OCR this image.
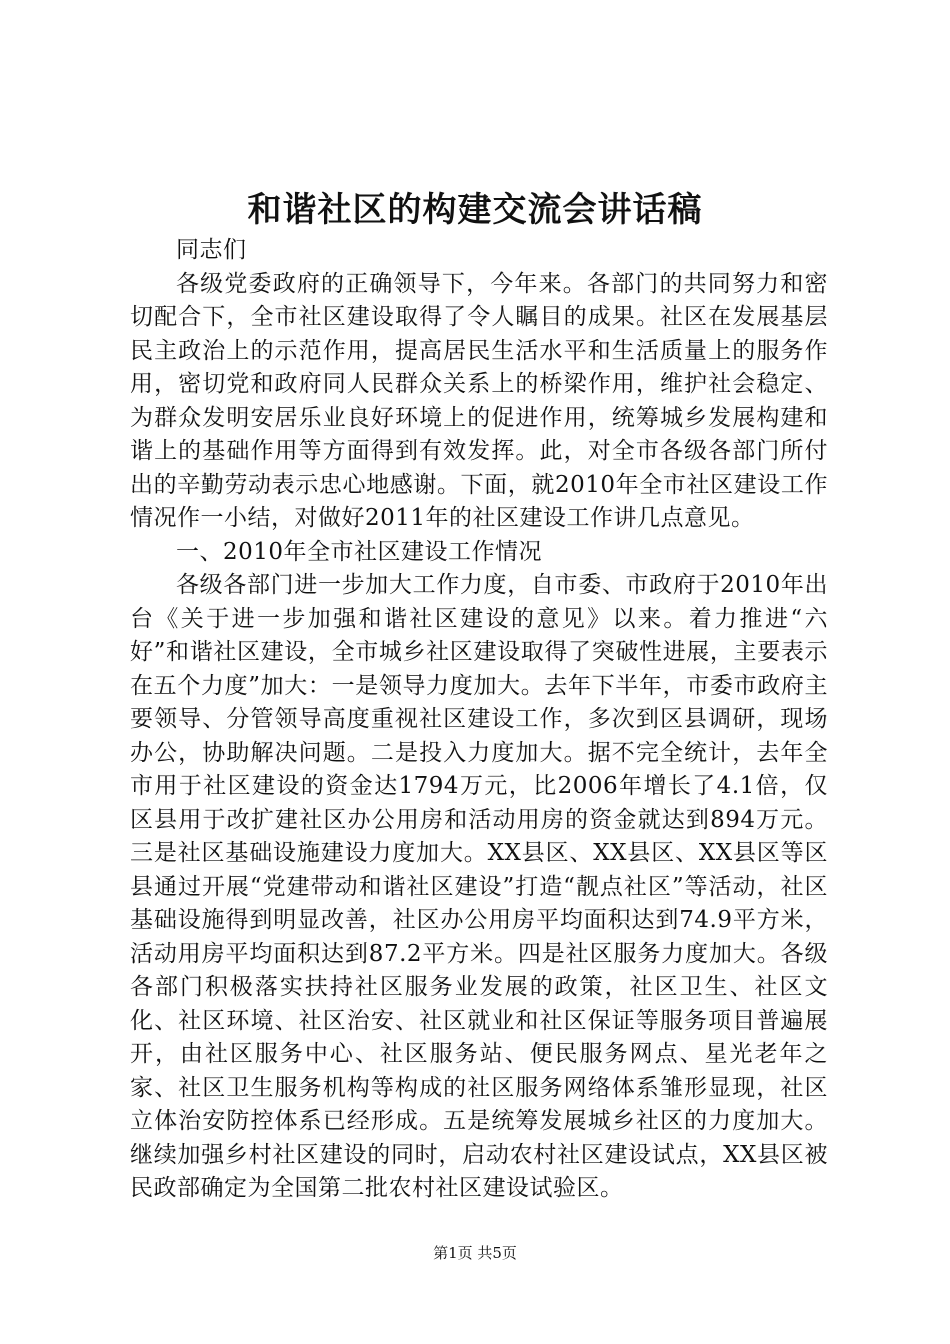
和谐社区的构建交流会讲话稿

同志们

各级党委政府的正确领导下，今年来。各部门的共同努力和密切配合下，全市社区建设取得了令人瞩目的成果。社区在发展基层民主政治上的示范作用，提高居民生活水平和生活质量上的服务作用，密切党和政府同人民群众关系上的桥梁作用，维护社会稳定、为群众发明安居乐业良好环境上的促进作用，统筹城乡发展构建和谐上的基础作用等方面得到有效发挥。此，对全市各级各部门所付出的辛勤劳动表示忠心地感谢。下面，就2010年全市社区建设工作情况作一小结，对做好2011年的社区建设工作讲几点意见。

一、2010年全市社区建设工作情况

各级各部门进一步加大工作力度，自市委、市政府于2010年出台《关于进一步加强和谐社区建设的意见》以来。着力推进“六好”和谐社区建设，全市城乡社区建设取得了突破性进展，主要表示在五个力度”加大：一是领导力度加大。去年下半年，市委市政府主要领导、分管领导高度重视社区建设工作，多次到区县调研，现场办公，协助解决问题。二是投入力度加大。据不完全统计，去年全市用于社区建设的资金达1794万元，比2006年增长了4.1倍，仅区县用于改扩建社区办公用房和活动用房的资金就达到894万元。三是社区基础设施建设力度加大。XX县区、XX县区、XX县区等区县通过开展“党建带动和谐社区建设”打造“靓点社区”等活动，社区基础设施得到明显改善，社区办公用房平均面积达到74.9平方米，活动用房平均面积达到87.2平方米。四是社区服务力度加大。各级各部门积极落实扶持社区服务业发展的政策，社区卫生、社区文化、社区环境、社区治安、社区就业和社区保证等服务项目普遍展开，由社区服务中心、社区服务站、便民服务网点、星光老年之家、社区卫生服务机构等构成的社区服务网络体系雏形显现，社区立体治安防控体系已经形成。五是统筹发展城乡社区的力度加大。继续加强乡村社区建设的同时，启动农村社区建设试点，XX县区被民政部确定为全国第二批农村社区建设试验区。

第1页 共5页
